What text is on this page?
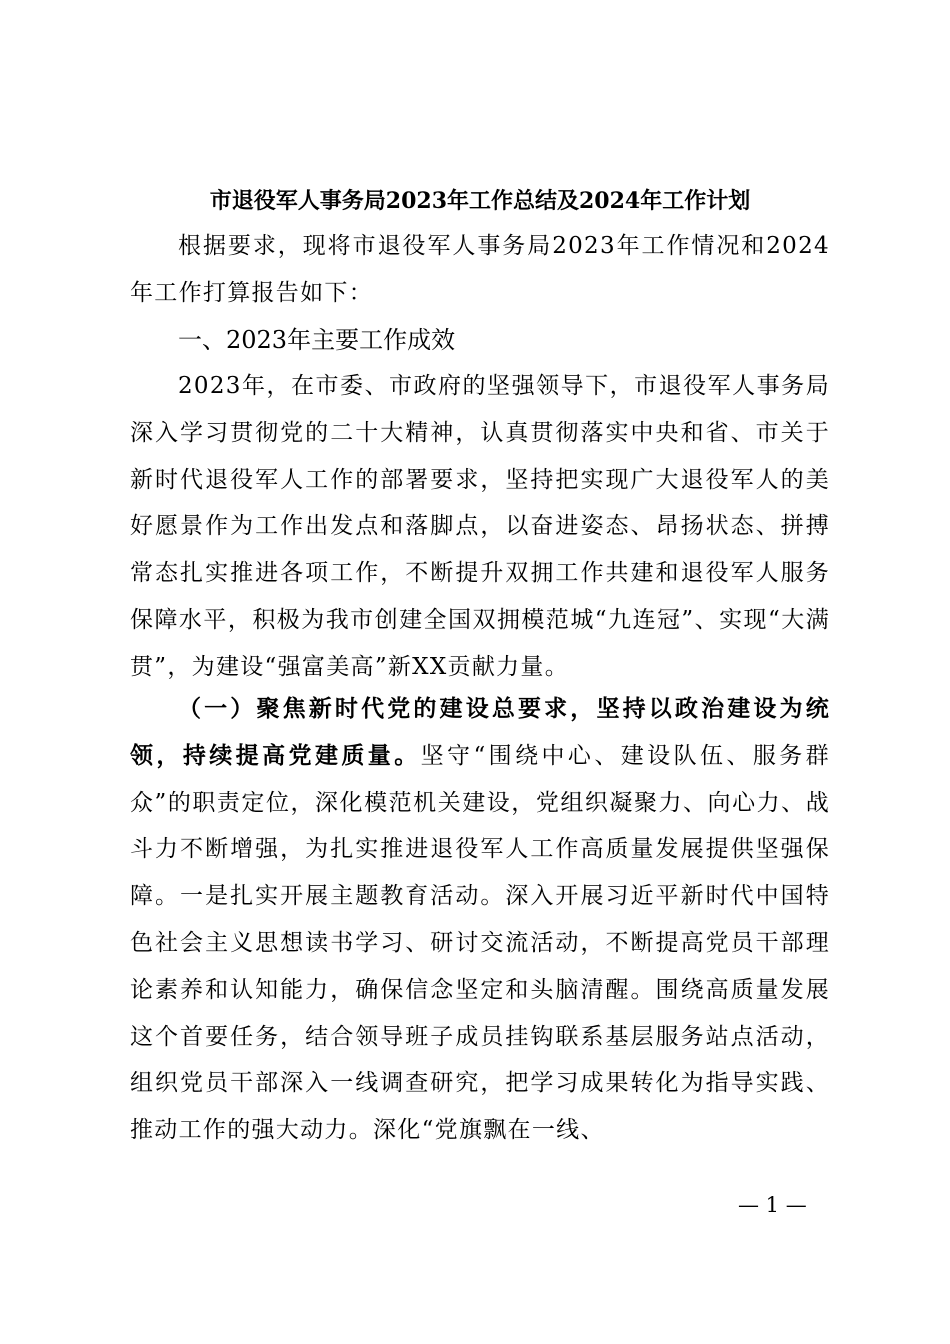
市退役军人事务局2023年工作总结及2024年工作计划

根据要求，现将市退役军人事务局2023年工作情况和2024年工作打算报告如下：

一、2023年主要工作成效

2023年，在市委、市政府的坚强领导下，市退役军人事务局深入学习贯彻党的二十大精神，认真贯彻落实中央和省、市关于新时代退役军人工作的部署要求，坚持把实现广大退役军人的美好愿景作为工作出发点和落脚点，以奋进姿态、昂扬状态、拼搏常态扎实推进各项工作，不断提升双拥工作共建和退役军人服务保障水平，积极为我市创建全国双拥模范城“九连冠”、实现“大满贯”，为建设“强富美高”新XX贡献力量。

（一）聚焦新时代党的建设总要求，坚持以政治建设为统领，持续提高党建质量。坚守“围绕中心、建设队伍、服务群众”的职责定位，深化模范机关建设，党组织凝聚力、向心力、战斗力不断增强，为扎实推进退役军人工作高质量发展提供坚强保障。一是扎实开展主题教育活动。深入开展习近平新时代中国特色社会主义思想读书学习、研讨交流活动，不断提高党员干部理论素养和认知能力，确保信念坚定和头脑清醒。围绕高质量发展这个首要任务，结合领导班子成员挂钩联系基层服务站点活动，组织党员干部深入一线调查研究，把学习成果转化为指导实践、推动工作的强大动力。深化“党旗飘在一线、

— 1 —
